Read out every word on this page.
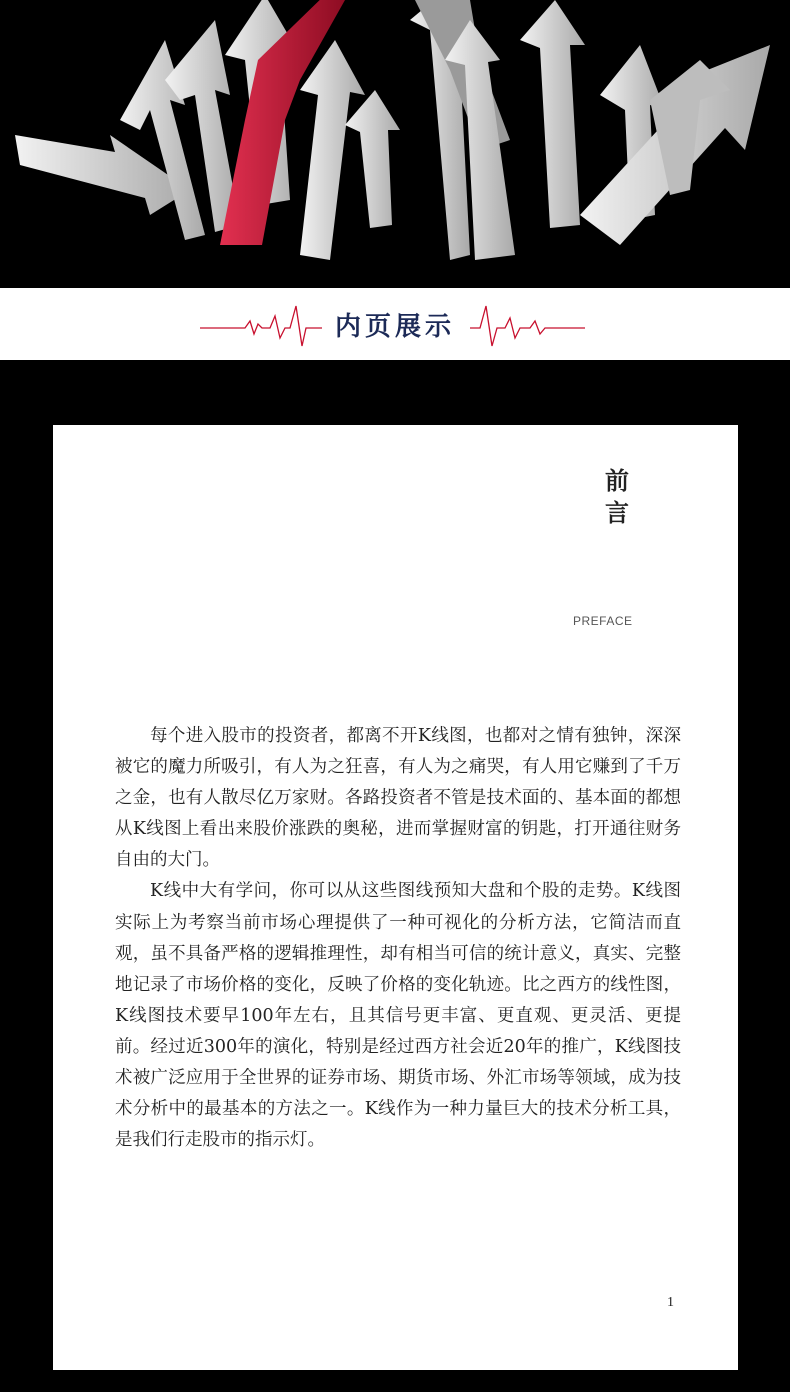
内页展示
前
言
PREFACE

每个进入股市的投资者，都离不开K线图，也都对之情有独钟，深深被它的魔力所吸引，有人为之狂喜，有人为之痛哭，有人用它赚到了千万之金，也有人散尽亿万家财。各路投资者不管是技术面的、基本面的都想从K线图上看出来股价涨跌的奥秘，进而掌握财富的钥匙，打开通往财务自由的大门。

K线中大有学问，你可以从这些图线预知大盘和个股的走势。K线图实际上为考察当前市场心理提供了一种可视化的分析方法，它简洁而直观，虽不具备严格的逻辑推理性，却有相当可信的统计意义，真实、完整地记录了市场价格的变化，反映了价格的变化轨迹。比之西方的线性图，K线图技术要早100年左右，且其信号更丰富、更直观、更灵活、更提前。经过近300年的演化，特别是经过西方社会近20年的推广，K线图技术被广泛应用于全世界的证券市场、期货市场、外汇市场等领域，成为技术分析中的最基本的方法之一。K线作为一种力量巨大的技术分析工具，是我们行走股市的指示灯。

1
